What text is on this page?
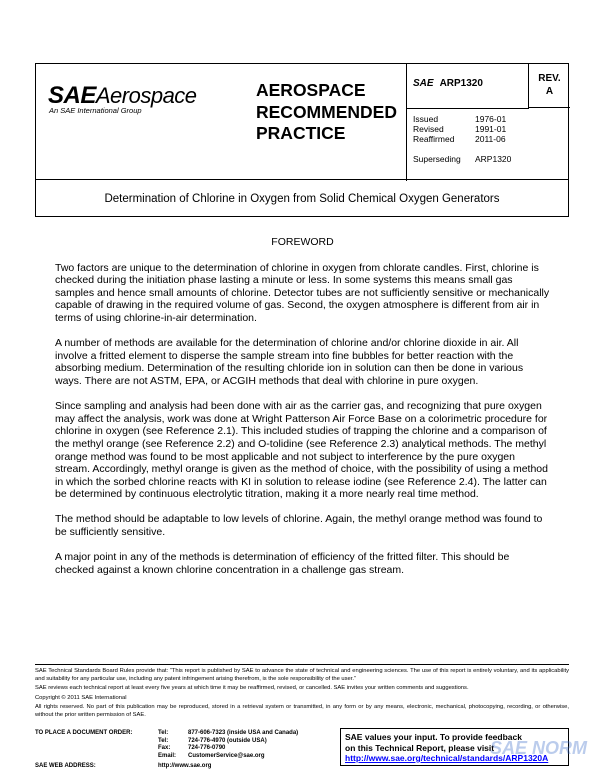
SAEAerospace
An SAE International Group
AEROSPACE
RECOMMENDED
PRACTICE
SAE ARP1320	REV.
A
Issued	1976-01
Revised	1991-01
Reaffirmed	2011-06
Superseding	ARP1320
Determination of Chlorine in Oxygen from Solid Chemical Oxygen Generators
FOREWORD

Two factors are unique to the determination of chlorine in oxygen from chlorate candles. First, chlorine is checked during the initiation phase lasting a minute or less. In some systems this means small gas samples and hence small amounts of chlorine. Detector tubes are not sufficiently sensitive or mechanically capable of drawing in the required volume of gas. Second, the oxygen atmosphere is different from air in terms of using chlorine-in-air determination.

A number of methods are available for the determination of chlorine and/or chlorine dioxide in air. All involve a fritted element to disperse the sample stream into fine bubbles for better reaction with the absorbing medium. Determination of the resulting chloride ion in solution can then be done in various ways. There are not ASTM, EPA, or ACGIH methods that deal with chlorine in pure oxygen.

Since sampling and analysis had been done with air as the carrier gas, and recognizing that pure oxygen may affect the analysis, work was done at Wright Patterson Air Force Base on a colorimetric procedure for chlorine in oxygen (see Reference 2.1). This included studies of trapping the chlorine and a comparison of the methyl orange (see Reference 2.2) and O-tolidine (see Reference 2.3) analytical methods. The methyl orange method was found to be most applicable and not subject to interference by the pure oxygen stream. Accordingly, methyl orange is given as the method of choice, with the possibility of using a method in which the sorbed chlorine reacts with KI in solution to release iodine (see Reference 2.4). The latter can be determined by continuous electrolytic titration, making it a more nearly real time method.

The method should be adaptable to low levels of chlorine. Again, the methyl orange method was found to be sufficiently sensitive.

A major point in any of the methods is determination of efficiency of the fritted filter. This should be checked against a known chlorine concentration in a challenge gas stream.

SAE Technical Standards Board Rules provide that: “This report is published by SAE to advance the state of technical and engineering sciences. The use of this report is entirely voluntary, and its applicability and suitability for any particular use, including any patent infringement arising therefrom, is the sole responsibility of the user.”

SAE reviews each technical report at least every five years at which time it may be reaffirmed, revised, or cancelled. SAE invites your written comments and suggestions.

Copyright © 2011 SAE International

All rights reserved. No part of this publication may be reproduced, stored in a retrieval system or transmitted, in any form or by any means, electronic, mechanical, photocopying, recording, or otherwise, without the prior written permission of SAE.

TO PLACE A DOCUMENT ORDER:	Tel:	877-606-7323 (inside USA and Canada)
Tel:	724-776-4970 (outside USA)
Fax:	724-776-0790
Email:	CustomerService@sae.org
SAE WEB ADDRESS:	http://www.sae.org
SAE values your input. To provide feedback
on this Technical Report, please visit
http://www.sae.org/technical/standards/ARP1320A
SAE NORM
